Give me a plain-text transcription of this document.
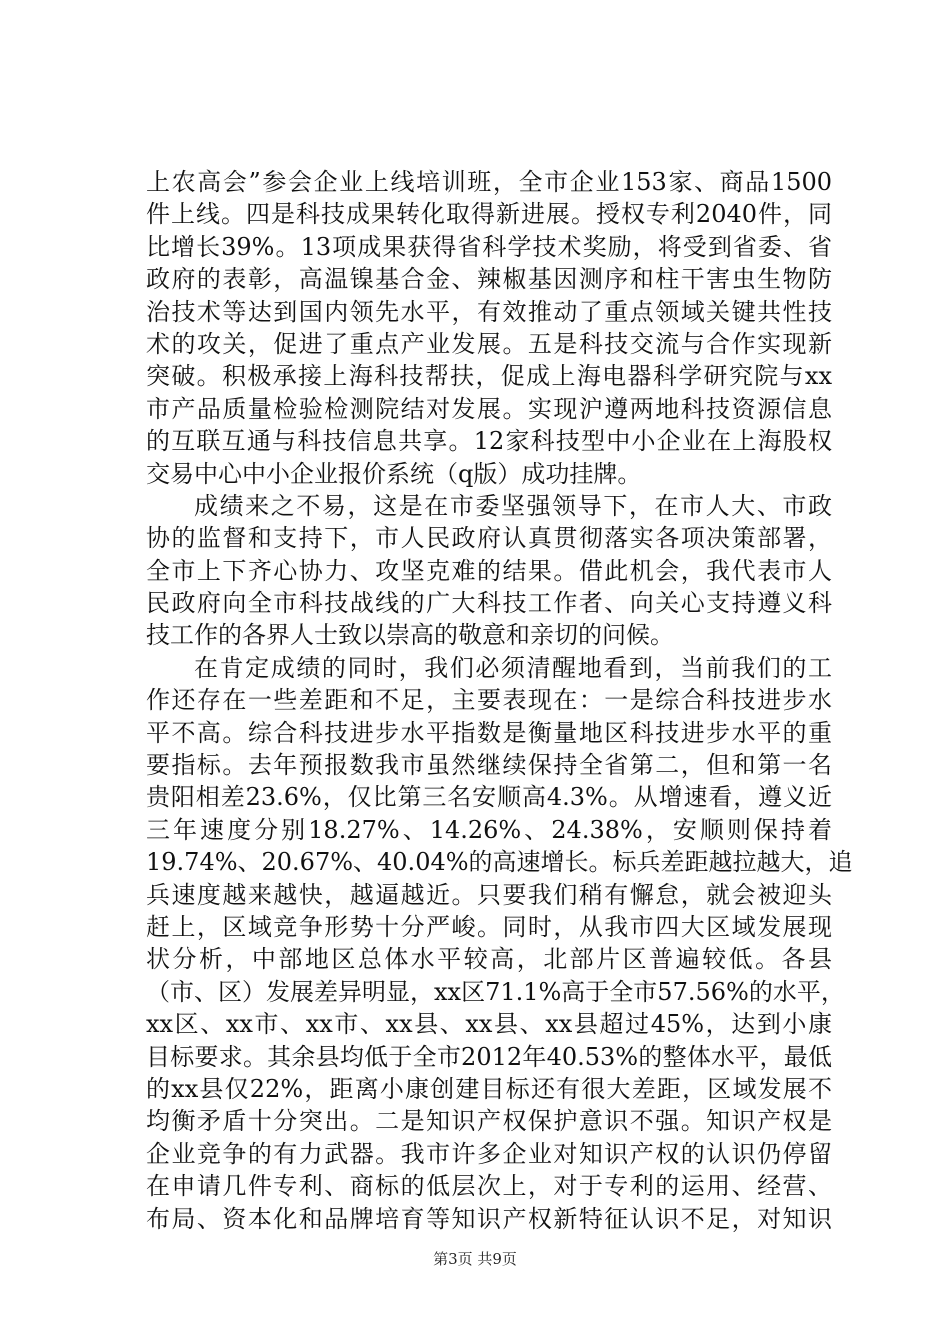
上农高会”参会企业上线培训班，全市企业153家、商品1500
件上线。四是科技成果转化取得新进展。授权专利2040件，同
比增长39%。13项成果获得省科学技术奖励，将受到省委、省
政府的表彰，高温镍基合金、辣椒基因测序和柱干害虫生物防
治技术等达到国内领先水平，有效推动了重点领域关键共性技
术的攻关，促进了重点产业发展。五是科技交流与合作实现新
突破。积极承接上海科技帮扶，促成上海电器科学研究院与xx
市产品质量检验检测院结对发展。实现沪遵两地科技资源信息
的互联互通与科技信息共享。12家科技型中小企业在上海股权
交易中心中小企业报价系统（q版）成功挂牌。
成绩来之不易，这是在市委坚强领导下，在市人大、市政
协的监督和支持下，市人民政府认真贯彻落实各项决策部署，
全市上下齐心协力、攻坚克难的结果。借此机会，我代表市人
民政府向全市科技战线的广大科技工作者、向关心支持遵义科
技工作的各界人士致以崇高的敬意和亲切的问候。
在肯定成绩的同时，我们必须清醒地看到，当前我们的工
作还存在一些差距和不足，主要表现在：一是综合科技进步水
平不高。综合科技进步水平指数是衡量地区科技进步水平的重
要指标。去年预报数我市虽然继续保持全省第二，但和第一名
贵阳相差23.6%，仅比第三名安顺高4.3%。从增速看，遵义近
三年速度分别18.27%、14.26%、24.38%，安顺则保持着
19.74%、20.67%、40.04%的高速增长。标兵差距越拉越大，追
兵速度越来越快，越逼越近。只要我们稍有懈怠，就会被迎头
赶上，区域竞争形势十分严峻。同时，从我市四大区域发展现
状分析，中部地区总体水平较高，北部片区普遍较低。各县
（市、区）发展差异明显，xx区71.1%高于全市57.56%的水平，
xx区、xx市、xx市、xx县、xx县、xx县超过45%，达到小康
目标要求。其余县均低于全市2012年40.53%的整体水平，最低
的xx县仅22%，距离小康创建目标还有很大差距，区域发展不
均衡矛盾十分突出。二是知识产权保护意识不强。知识产权是
企业竞争的有力武器。我市许多企业对知识产权的认识仍停留
在申请几件专利、商标的低层次上，对于专利的运用、经营、
布局、资本化和品牌培育等知识产权新特征认识不足，对知识
第3页 共9页
